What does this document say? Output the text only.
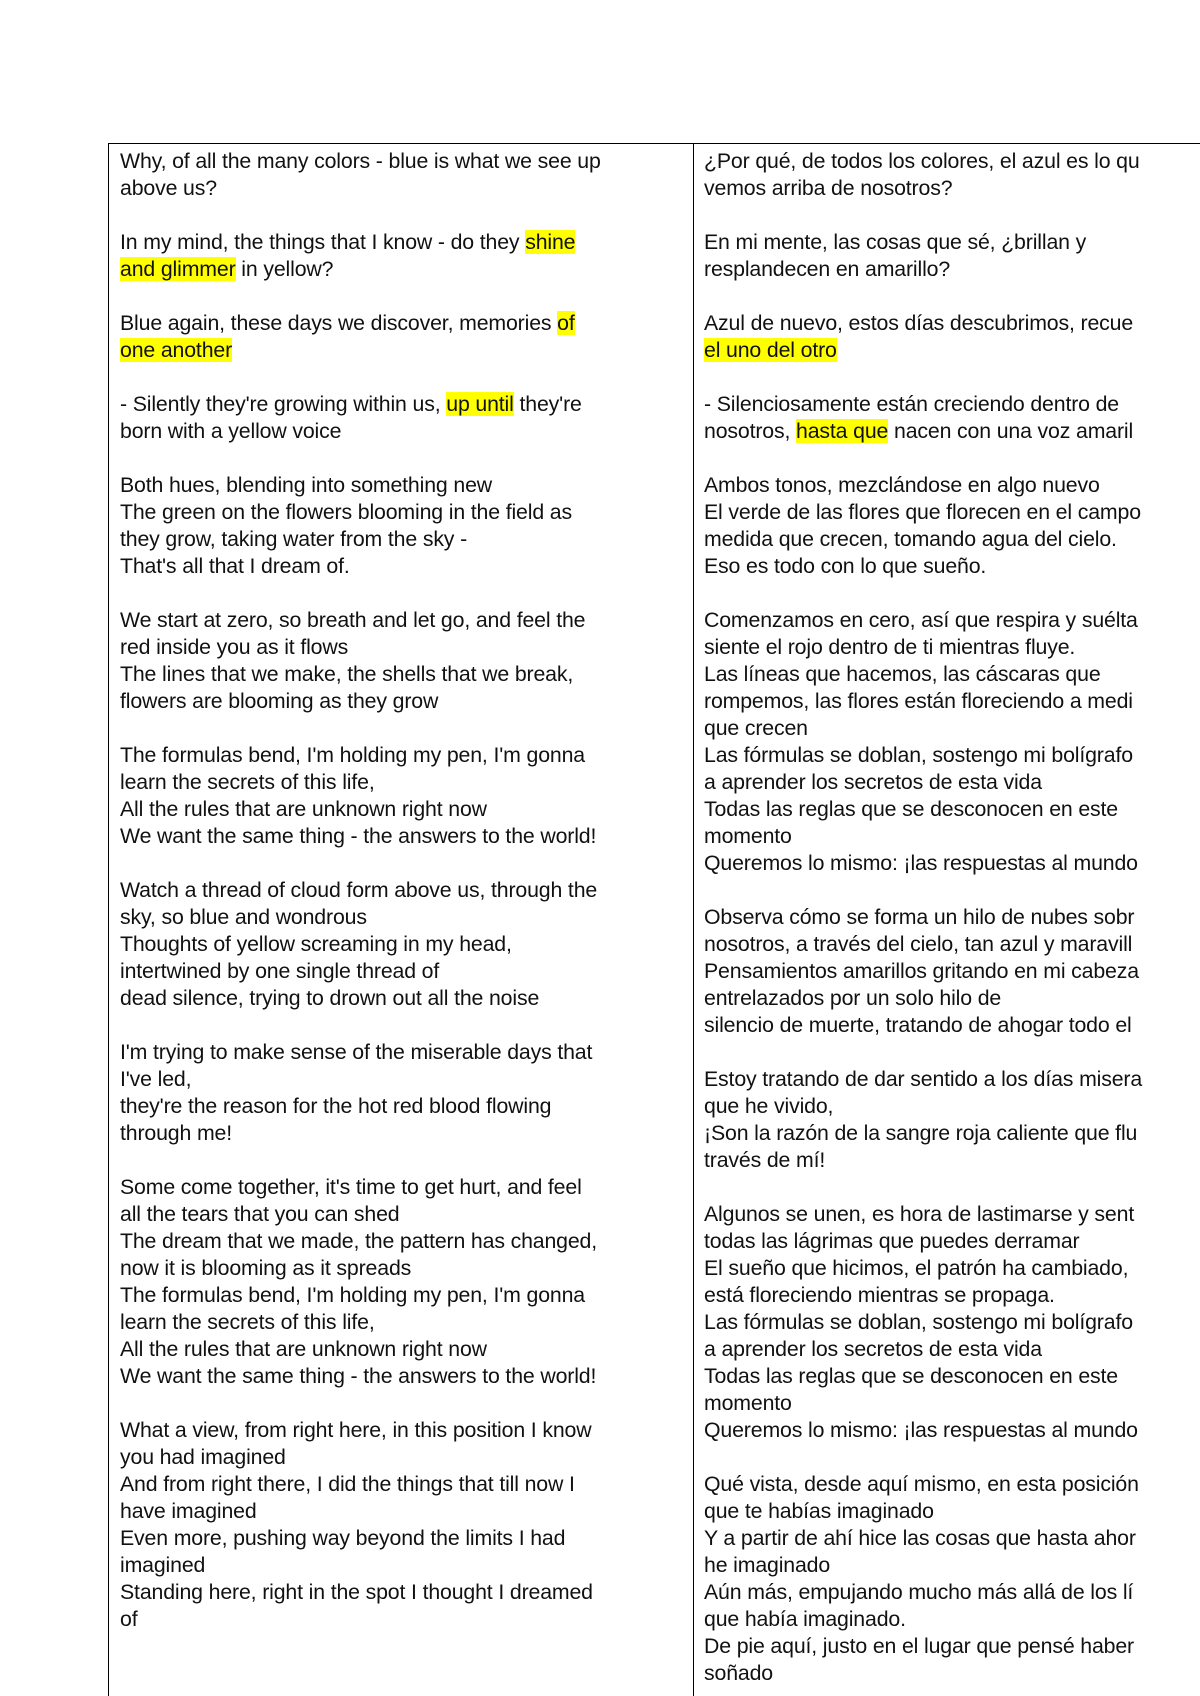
Why, of all the many colors - blue is what we see up
above us?
In my mind, the things that I know - do they shine
and glimmer in yellow?
Blue again, these days we discover, memories of
one another
- Silently they're growing within us, up until they're
born with a yellow voice
Both hues, blending into something new
The green on the flowers blooming in the field as
they grow, taking water from the sky -
That's all that I dream of.
We start at zero, so breath and let go, and feel the
red inside you as it flows
The lines that we make, the shells that we break,
flowers are blooming as they grow
The formulas bend, I'm holding my pen, I'm gonna
learn the secrets of this life,
All the rules that are unknown right now
We want the same thing - the answers to the world!
Watch a thread of cloud form above us, through the
sky, so blue and wondrous
Thoughts of yellow screaming in my head,
intertwined by one single thread of
dead silence, trying to drown out all the noise
I'm trying to make sense of the miserable days that
I've led,
they're the reason for the hot red blood flowing
through me!
Some come together, it's time to get hurt, and feel
all the tears that you can shed
The dream that we made, the pattern has changed,
now it is blooming as it spreads
The formulas bend, I'm holding my pen, I'm gonna
learn the secrets of this life,
All the rules that are unknown right now
We want the same thing - the answers to the world!
What a view, from right here, in this position I know
you had imagined
And from right there, I did the things that till now I
have imagined
Even more, pushing way beyond the limits I had
imagined
Standing here, right in the spot I thought I dreamed
of
¿Por qué, de todos los colores, el azul es lo qu
vemos arriba de nosotros?
En mi mente, las cosas que sé, ¿brillan y
resplandecen en amarillo?
Azul de nuevo, estos días descubrimos, recue
el uno del otro
- Silenciosamente están creciendo dentro de
nosotros, hasta que nacen con una voz amaril
Ambos tonos, mezclándose en algo nuevo
El verde de las flores que florecen en el campo
medida que crecen, tomando agua del cielo.
Eso es todo con lo que sueño.
Comenzamos en cero, así que respira y suélta
siente el rojo dentro de ti mientras fluye.
Las líneas que hacemos, las cáscaras que
rompemos, las flores están floreciendo a medi
que crecen
Las fórmulas se doblan, sostengo mi bolígrafo
a aprender los secretos de esta vida
Todas las reglas que se desconocen en este
momento
Queremos lo mismo: ¡las respuestas al mundo
Observa cómo se forma un hilo de nubes sobr
nosotros, a través del cielo, tan azul y maravill
Pensamientos amarillos gritando en mi cabeza
entrelazados por un solo hilo de
silencio de muerte, tratando de ahogar todo el
Estoy tratando de dar sentido a los días misera
que he vivido,
¡Son la razón de la sangre roja caliente que flu
través de mí!
Algunos se unen, es hora de lastimarse y sent
todas las lágrimas que puedes derramar
El sueño que hicimos, el patrón ha cambiado,
está floreciendo mientras se propaga.
Las fórmulas se doblan, sostengo mi bolígrafo
a aprender los secretos de esta vida
Todas las reglas que se desconocen en este
momento
Queremos lo mismo: ¡las respuestas al mundo
Qué vista, desde aquí mismo, en esta posición
que te habías imaginado
Y a partir de ahí hice las cosas que hasta ahor
he imaginado
Aún más, empujando mucho más allá de los lí
que había imaginado.
De pie aquí, justo en el lugar que pensé haber
soñado
